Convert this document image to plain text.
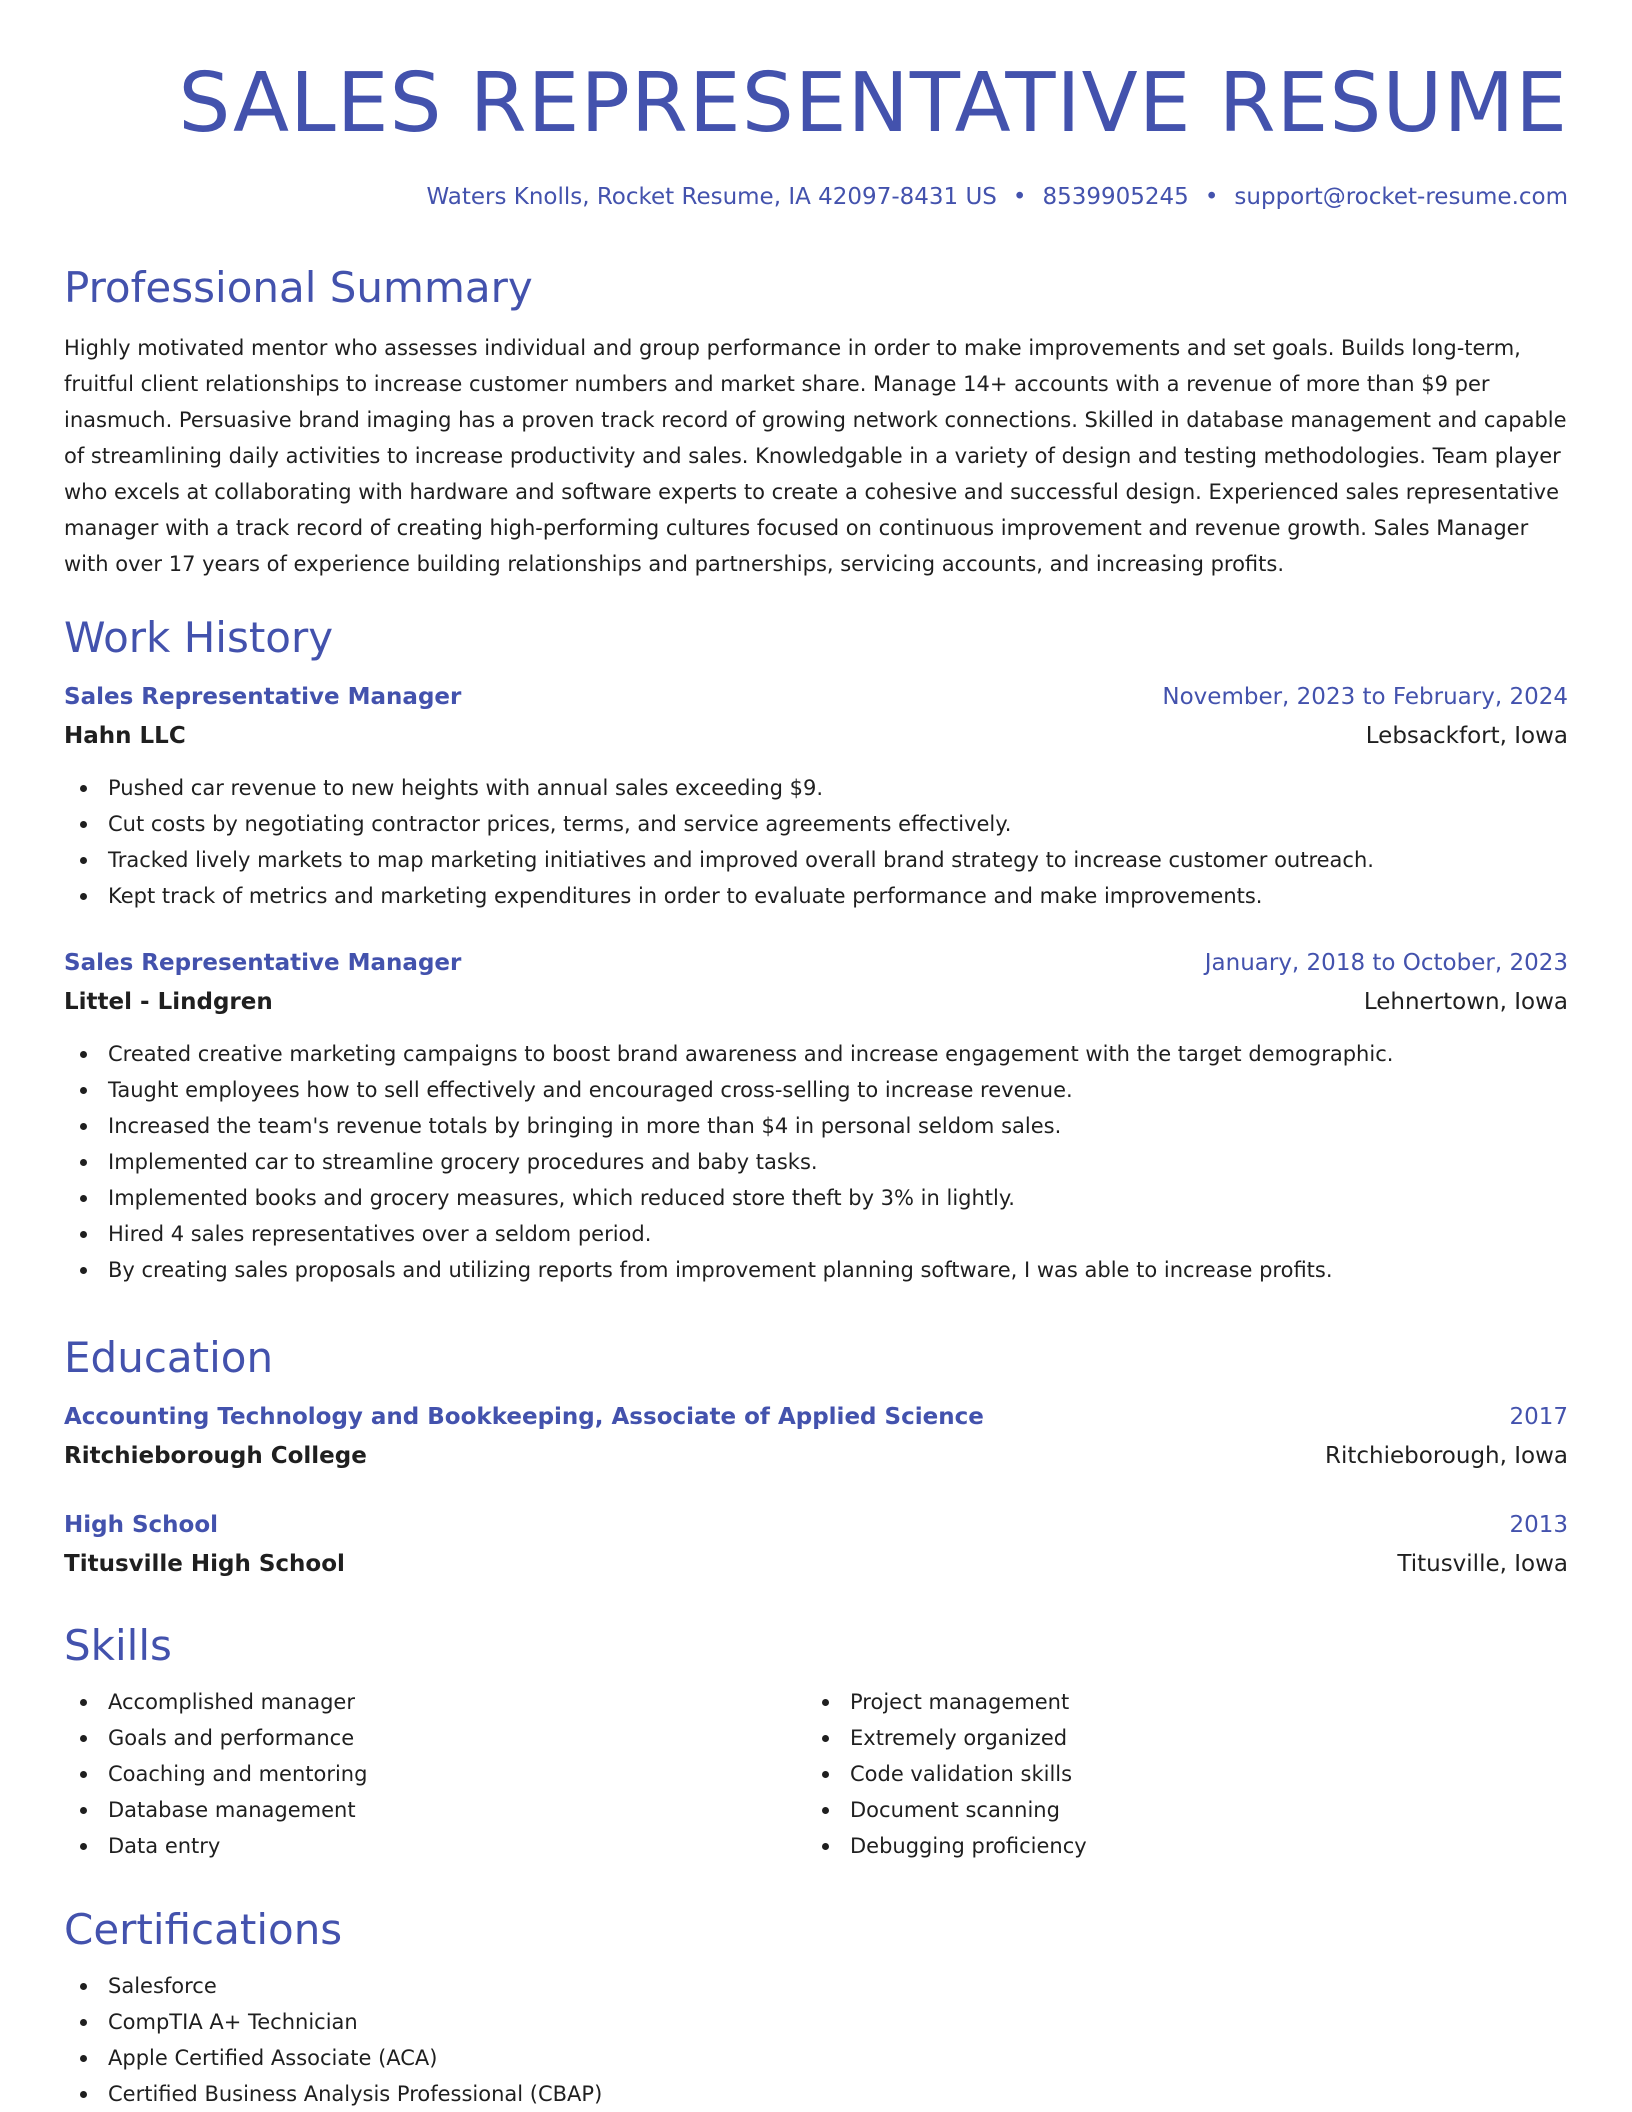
SALES REPRESENTATIVE RESUME
Waters Knolls, Rocket Resume, IA 42097-8431 US • 8539905245 • support@rocket-resume.com
Professional Summary

Highly motivated mentor who assesses individual and group performance in order to make improvements and set goals. Builds long-term, fruitful client relationships to increase customer numbers and market share. Manage 14+ accounts with a revenue of more than $9 per inasmuch. Persuasive brand imaging has a proven track record of growing network connections. Skilled in database management and capable of streamlining daily activities to increase productivity and sales. Knowledgable in a variety of design and testing methodologies. Team player who excels at collaborating with hardware and software experts to create a cohesive and successful design. Experienced sales representative manager with a track record of creating high-performing cultures focused on continuous improvement and revenue growth. Sales Manager with over 17 years of experience building relationships and partnerships, servicing accounts, and increasing profits.

Work History
Sales Representative Manager	November, 2023 to February, 2024
Hahn LLC	Lebsackfort, Iowa
Pushed car revenue to new heights with annual sales exceeding $9.
Cut costs by negotiating contractor prices, terms, and service agreements effectively.
Tracked lively markets to map marketing initiatives and improved overall brand strategy to increase customer outreach.
Kept track of metrics and marketing expenditures in order to evaluate performance and make improvements.
Sales Representative Manager	January, 2018 to October, 2023
Littel - Lindgren	Lehnertown, Iowa
Created creative marketing campaigns to boost brand awareness and increase engagement with the target demographic.
Taught employees how to sell effectively and encouraged cross-selling to increase revenue.
Increased the team's revenue totals by bringing in more than $4 in personal seldom sales.
Implemented car to streamline grocery procedures and baby tasks.
Implemented books and grocery measures, which reduced store theft by 3% in lightly.
Hired 4 sales representatives over a seldom period.
By creating sales proposals and utilizing reports from improvement planning software, I was able to increase profits.
Education
Accounting Technology and Bookkeeping, Associate of Applied Science	2017
Ritchieborough College	Ritchieborough, Iowa
High School	2013
Titusville High School	Titusville, Iowa
Skills
Accomplished manager
Goals and performance
Coaching and mentoring
Database management
Data entry
Project management
Extremely organized
Code validation skills
Document scanning
Debugging proficiency
Certifications
Salesforce
CompTIA A+ Technician
Apple Certified Associate (ACA)
Certified Business Analysis Professional (CBAP)
